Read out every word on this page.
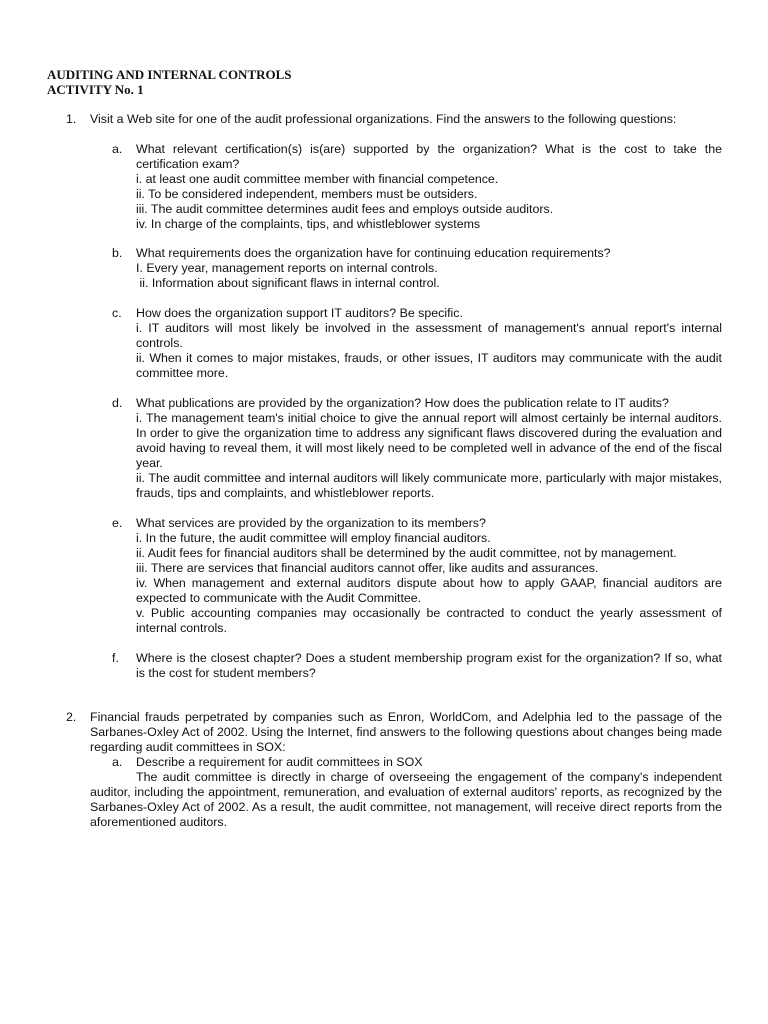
AUDITING AND INTERNAL CONTROLS
ACTIVITY No. 1
1. Visit a Web site for one of the audit professional organizations. Find the answers to the following questions:
a. What relevant certification(s) is(are) supported by the organization? What is the cost to take the certification exam?
i. at least one audit committee member with financial competence.
ii. To be considered independent, members must be outsiders.
iii. The audit committee determines audit fees and employs outside auditors.
iv. In charge of the complaints, tips, and whistleblower systems
b. What requirements does the organization have for continuing education requirements?
I. Every year, management reports on internal controls.
ii. Information about significant flaws in internal control.
c. How does the organization support IT auditors? Be specific.
i. IT auditors will most likely be involved in the assessment of management's annual report's internal controls.
ii. When it comes to major mistakes, frauds, or other issues, IT auditors may communicate with the audit committee more.
d. What publications are provided by the organization? How does the publication relate to IT audits?
i. The management team's initial choice to give the annual report will almost certainly be internal auditors. In order to give the organization time to address any significant flaws discovered during the evaluation and avoid having to reveal them, it will most likely need to be completed well in advance of the end of the fiscal year.
ii. The audit committee and internal auditors will likely communicate more, particularly with major mistakes, frauds, tips and complaints, and whistleblower reports.
e. What services are provided by the organization to its members?
i. In the future, the audit committee will employ financial auditors.
ii. Audit fees for financial auditors shall be determined by the audit committee, not by management.
iii. There are services that financial auditors cannot offer, like audits and assurances.
iv. When management and external auditors dispute about how to apply GAAP, financial auditors are expected to communicate with the Audit Committee.
v. Public accounting companies may occasionally be contracted to conduct the yearly assessment of internal controls.
f. Where is the closest chapter? Does a student membership program exist for the organization? If so, what is the cost for student members?
2. Financial frauds perpetrated by companies such as Enron, WorldCom, and Adelphia led to the passage of the Sarbanes-Oxley Act of 2002. Using the Internet, find answers to the following questions about changes being made regarding audit committees in SOX:
a. Describe a requirement for audit committees in SOX
The audit committee is directly in charge of overseeing the engagement of the company's independent auditor, including the appointment, remuneration, and evaluation of external auditors' reports, as recognized by the Sarbanes-Oxley Act of 2002. As a result, the audit committee, not management, will receive direct reports from the aforementioned auditors.
